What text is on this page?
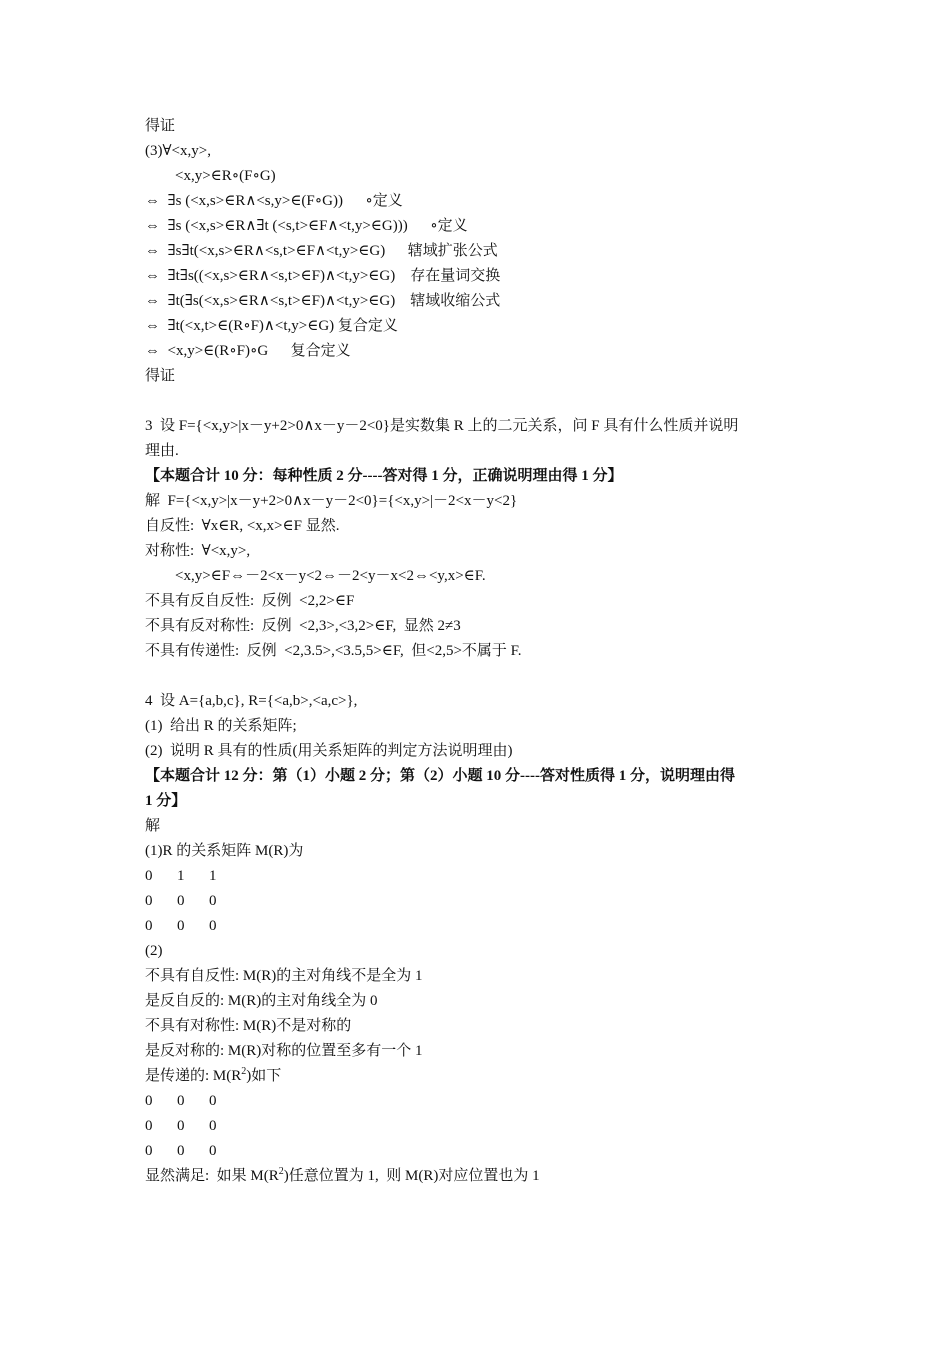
得证
(3)∀<x,y>,
<x,y>∈R∘(F∘G)
⇔  ∃s (<x,s>∈R∧<s,y>∈(F∘G))      ∘定义
⇔  ∃s (<x,s>∈R∧∃t (<s,t>∈F∧<t,y>∈G)))      ∘定义
⇔  ∃s∃t(<x,s>∈R∧<s,t>∈F∧<t,y>∈G)      辖域扩张公式
⇔  ∃t∃s((<x,s>∈R∧<s,t>∈F)∧<t,y>∈G)    存在量词交换
⇔  ∃t(∃s(<x,s>∈R∧<s,t>∈F)∧<t,y>∈G)    辖域收缩公式
⇔  ∃t(<x,t>∈(R∘F)∧<t,y>∈G) 复合定义
⇔  <x,y>∈(R∘F)∘G      复合定义
得证
3  设 F={<x,y>|x－y+2>0∧x－y－2<0}是实数集 R 上的二元关系，问 F 具有什么性质并说明
理由.
【本题合计 10 分：每种性质 2 分----答对得 1 分，正确说明理由得 1 分】
解  F={<x,y>|x－y+2>0∧x－y－2<0}={<x,y>|－2<x－y<2}
自反性:  ∀x∈R, <x,x>∈F 显然.
对称性:  ∀<x,y>,
<x,y>∈F⇔－2<x－y<2⇔－2<y－x<2⇔<y,x>∈F.
不具有反自反性:  反例  <2,2>∈F
不具有反对称性:  反例  <2,3>,<3,2>∈F,  显然 2≠3
不具有传递性:  反例  <2,3.5>,<3.5,5>∈F,  但<2,5>不属于 F.
4  设 A={a,b,c}, R={<a,b>,<a,c>},
(1)  给出 R 的关系矩阵;
(2)  说明 R 具有的性质(用关系矩阵的判定方法说明理由)
【本题合计 12 分：第（1）小题 2 分；第（2）小题 10 分----答对性质得 1 分，说明理由得
1 分】
解
(1)R 的关系矩阵 M(R)为
0 1 1
0 0 0
0 0 0
(2)
不具有自反性: M(R)的主对角线不是全为 1
是反自反的: M(R)的主对角线全为 0
不具有对称性: M(R)不是对称的
是反对称的: M(R)对称的位置至多有一个 1
是传递的: $M(R^2)$如下
0 0 0
0 0 0
0 0 0
显然满足:  如果 $M(R^2)$任意位置为 1,  则 M(R)对应位置也为 1
